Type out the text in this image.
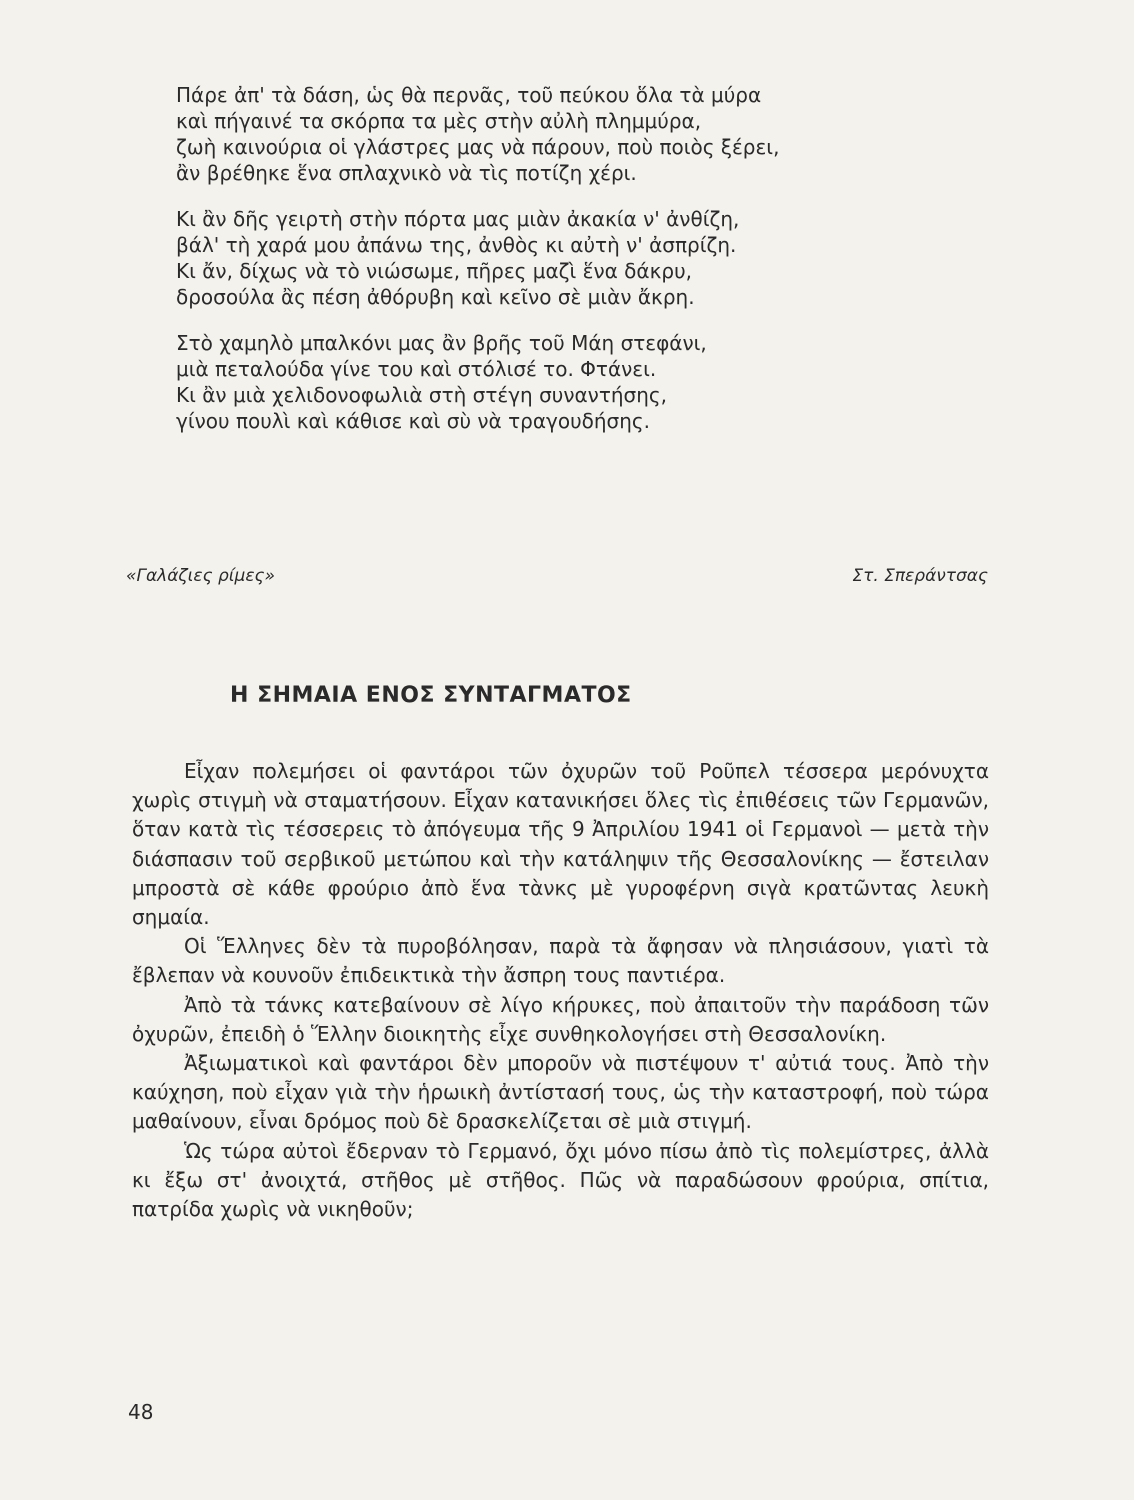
Πάρε ἀπ' τὰ δάση, ὡς θὰ περνᾶς, τοῦ πεύκου ὅλα τὰ μύρα
καὶ πήγαινέ τα σκόρπα τα μὲς στὴν αὐλὴ πλημμύρα,
ζωὴ καινούρια οἱ γλάστρες μας νὰ πάρουν, ποὺ ποιὸς ξέρει,
ἂν βρέθηκε ἕνα σπλαχνικὸ νὰ τὶς ποτίζη χέρι.
Κι ἂν δῆς γειρτὴ στὴν πόρτα μας μιὰν ἀκακία ν' ἀνθίζη,
βάλ' τὴ χαρά μου ἀπάνω της, ἀνθὸς κι αὐτὴ ν' ἀσπρίζη.
Κι ἄν, δίχως νὰ τὸ νιώσωμε, πῆρες μαζὶ ἕνα δάκρυ,
δροσούλα ἂς πέση ἀθόρυβη καὶ κεῖνο σὲ μιὰν ἄκρη.
Στὸ χαμηλὸ μπαλκόνι μας ἂν βρῆς τοῦ Μάη στεφάνι,
μιὰ πεταλούδα γίνε του καὶ στόλισέ το. Φτάνει.
Κι ἂν μιὰ χελιδονοφωλιὰ στὴ στέγη συναντήσης,
γίνου πουλὶ καὶ κάθισε καὶ σὺ νὰ τραγουδήσης.
«Γαλάζιες ρίμες»	Στ. Σπεράντσας
Η ΣΗΜΑΙΑ ΕΝΟΣ ΣΥΝΤΑΓΜΑΤΟΣ

Εἶχαν πολεμήσει οἱ φαντάροι τῶν ὀχυρῶν τοῦ Ροῦπελ τέσσερα μερόνυχτα χωρὶς στιγμὴ νὰ σταματήσουν. Εἶχαν κατανικήσει ὅλες τὶς ἐπιθέσεις τῶν Γερμανῶν, ὅταν κατὰ τὶς τέσσερεις τὸ ἀπόγευμα τῆς 9 Ἀπριλίου 1941 οἱ Γερμανοὶ — μετὰ τὴν διάσπασιν τοῦ σερβικοῦ μετώπου καὶ τὴν κατάληψιν τῆς Θεσσαλονίκης — ἔστειλαν μπροστὰ σὲ κάθε φρούριο ἀπὸ ἕνα τὰνκς μὲ γυροφέρνη σιγὰ κρατῶντας λευκὴ σημαία.

Οἱ Ἕλληνες δὲν τὰ πυροβόλησαν, παρὰ τὰ ἄφησαν νὰ πλησιάσουν, γιατὶ τὰ ἔβλεπαν νὰ κουνοῦν ἐπιδεικτικὰ τὴν ἄσπρη τους παντιέρα.

Ἀπὸ τὰ τάνκς κατεβαίνουν σὲ λίγο κήρυκες, ποὺ ἀπαιτοῦν τὴν παράδοση τῶν ὀχυρῶν, ἐπειδὴ ὁ Ἕλλην διοικητὴς εἶχε συνθηκολογήσει στὴ Θεσσαλονίκη.

Ἀξιωματικοὶ καὶ φαντάροι δὲν μποροῦν νὰ πιστέψουν τ' αὐτιά τους. Ἀπὸ τὴν καύχηση, ποὺ εἶχαν γιὰ τὴν ἡρωικὴ ἀντίστασή τους, ὡς τὴν καταστροφή, ποὺ τώρα μαθαίνουν, εἶναι δρόμος ποὺ δὲ δρασκελίζεται σὲ μιὰ στιγμή.

Ὡς τώρα αὐτοὶ ἔδερναν τὸ Γερμανό, ὄχι μόνο πίσω ἀπὸ τὶς πολεμίστρες, ἀλλὰ κι ἔξω στ' ἀνοιχτά, στῆθος μὲ στῆθος. Πῶς νὰ παραδώσουν φρούρια, σπίτια, πατρίδα χωρὶς νὰ νικηθοῦν;

48
